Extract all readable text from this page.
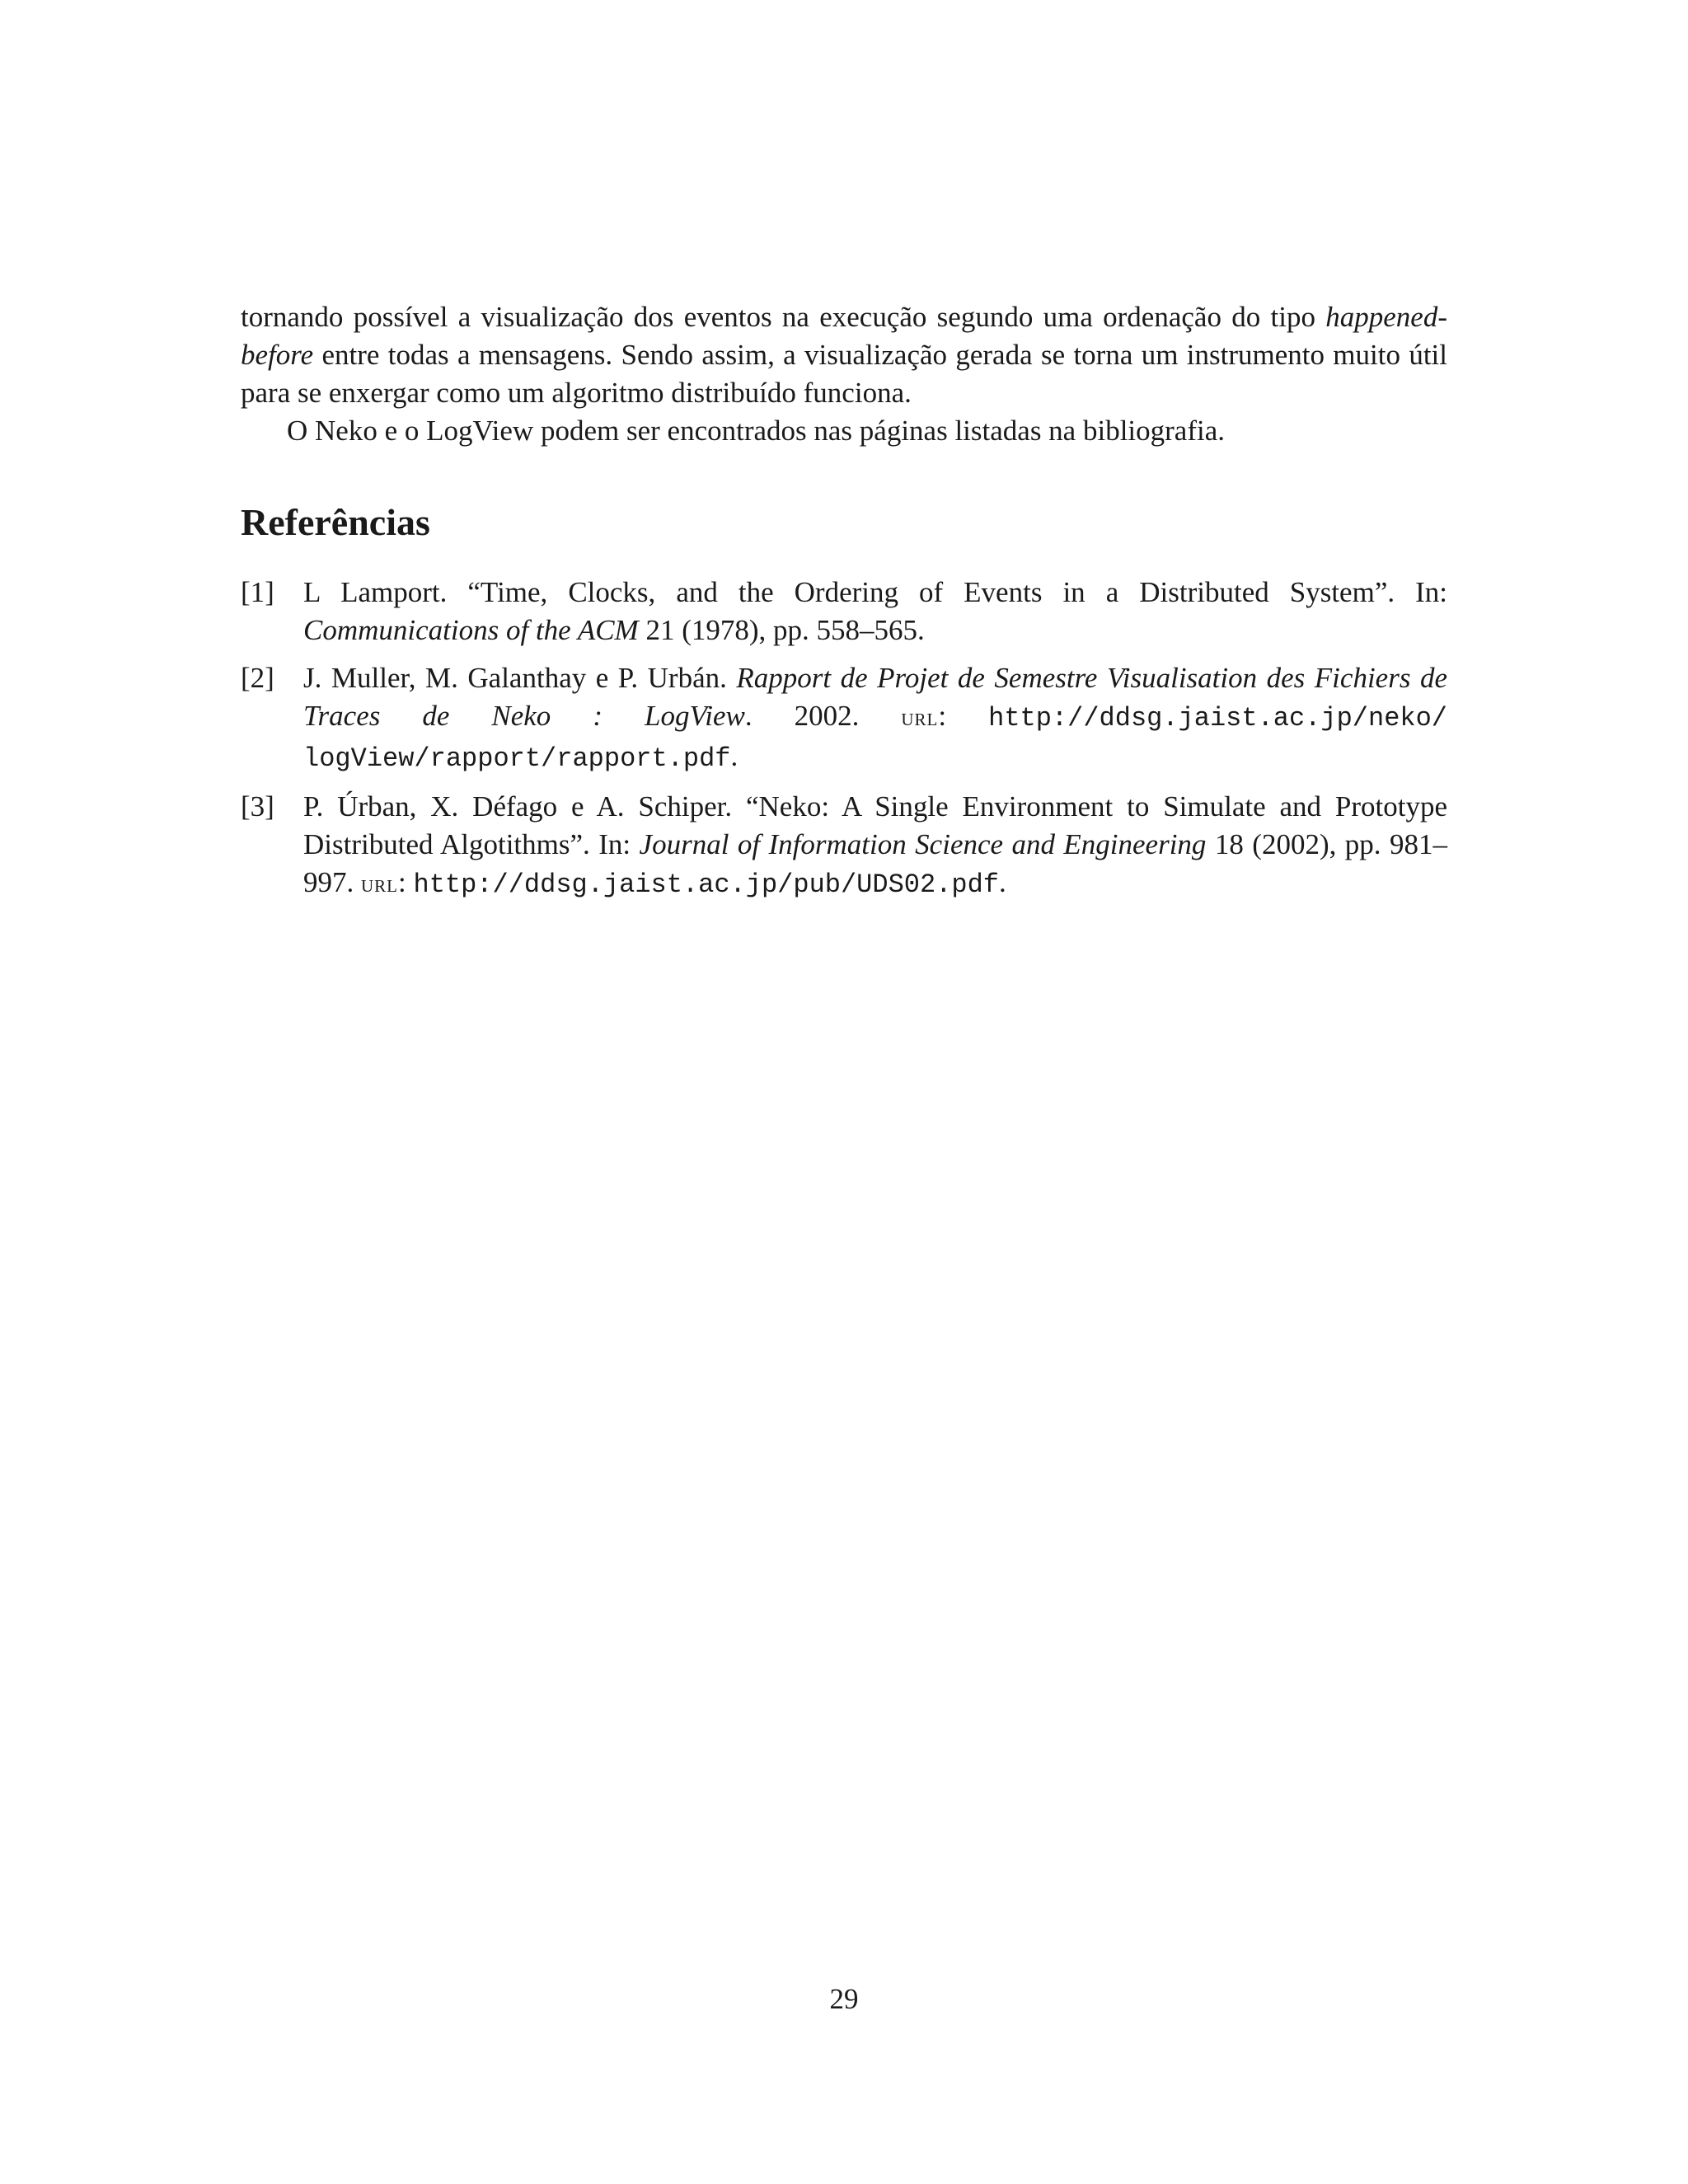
tornando possível a visualização dos eventos na execução segundo uma ordenação do tipo happened-before entre todas a mensagens. Sendo assim, a visualização gerada se torna um instrumento muito útil para se enxergar como um algoritmo distribuído funciona.

O Neko e o LogView podem ser encontrados nas páginas listadas na bibliografia.

Referências
[1]	L Lamport. “Time, Clocks, and the Ordering of Events in a Distributed System”. In: Communications of the ACM 21 (1978), pp. 558–565.
[2]	J. Muller, M. Galanthay e P. Urbán. Rapport de Projet de Semestre Visualisation des Fichiers de Traces de Neko : LogView. 2002. url: http://ddsg.jaist.ac.jp/neko/ logView/rapport/rapport.pdf.
[3]	P. Úrban, X. Défago e A. Schiper. “Neko: A Single Environment to Simulate and Prototype Distributed Algotithms”. In: Journal of Information Science and Engineering 18 (2002), pp. 981–997. url: http://ddsg.jaist.ac.jp/pub/UDS02.pdf.
29
